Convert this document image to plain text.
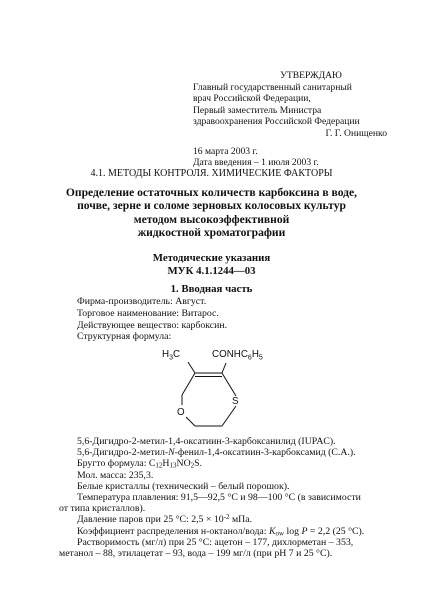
УТВЕРЖДАЮ
Главный государственный санитарный
врач Российской Федерации,
Первый заместитель Министра
здравоохранения Российской Федерации
Г. Г. Онищенко
16 марта 2003 г.
Дата введения – 1 июля 2003 г.
4.1. МЕТОДЫ КОНТРОЛЯ. ХИМИЧЕСКИЕ ФАКТОРЫ
Определение остаточных количеств карбоксина в воде,
почве, зерне и соломе зерновых колосовых культур
методом высокоэффективной
жидкостной хроматографии
Методические указания
МУК 4.1.1244—03
1. Вводная часть
Фирма-производитель: Август.
Торговое наименование: Витарос.
Действующее вещество: карбоксин.
Структурная формула:
$H_3C$	$CONHC_6H_5$
O
S
5,6-Дигидро-2-метил-1,4-оксатиин-3-карбоксанилид (IUPAC).
5,6-Дигидро-2-метил-N-фенил-1,4-оксатиин-3-карбоксамид (С.А.).
Бругто формула: $C_{12}H_{13}NO_2S$.
Мол. масса: 235,3.
Белые кристаллы (технический – белый порошок).
Температура плавления: 91,5—92,5 °С и 98—100 °С (в зависимости
от типа кристаллов).
Давление паров при 25 °С: $2,5 \times 10^{-2}$ мПа.
Коэффициент распределения н-октанол/вода: $K_{ow}$ log P = 2,2 (25 °С).
Растворимость (мг/л) при 25 °С: ацетон – 177, дихлорметан – 353,
метанол – 88, этилацетат – 93, вода – 199 мг/л (при рН 7 и 25 °С).
